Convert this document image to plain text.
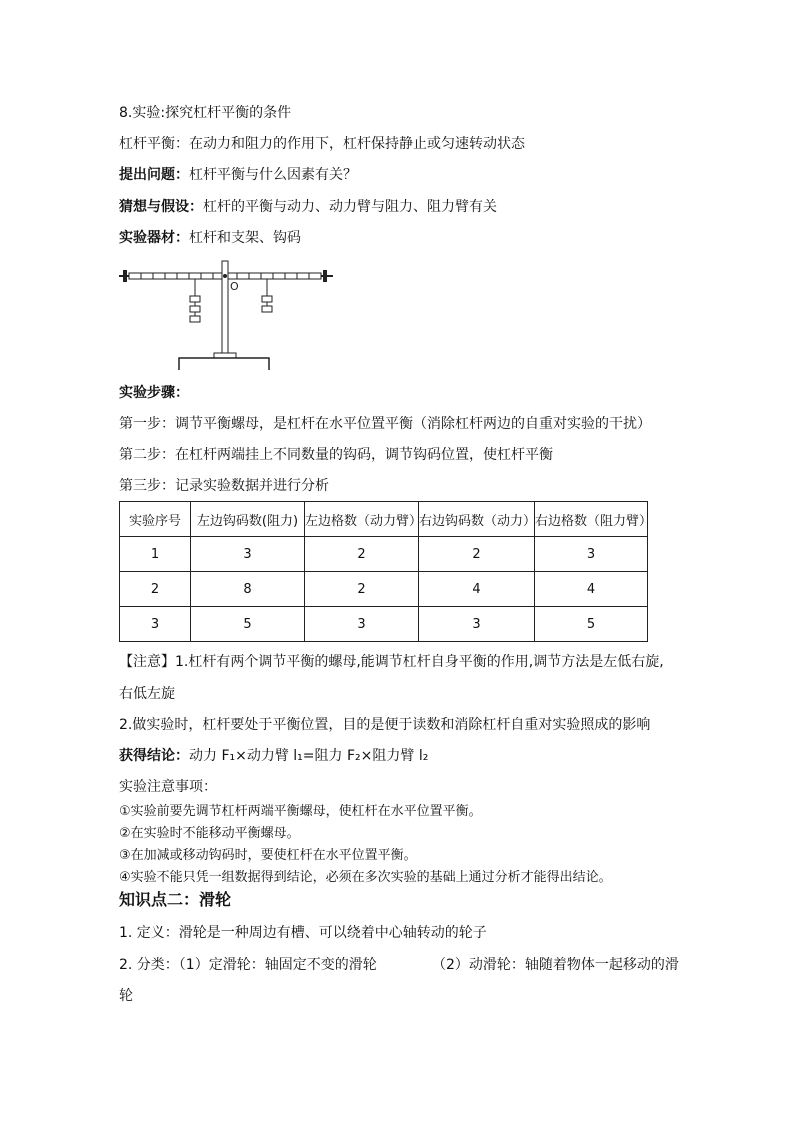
8.实验:探究杠杆平衡的条件
杠杆平衡：在动力和阻力的作用下，杠杆保持静止或匀速转动状态
提出问题：杠杆平衡与什么因素有关？
猜想与假设：杠杆的平衡与动力、动力臂与阻力、阻力臂有关
实验器材：杠杆和支架、钩码
O
实验步骤：
第一步：调节平衡螺母，是杠杆在水平位置平衡（消除杠杆两边的自重对实验的干扰）
第二步：在杠杆两端挂上不同数量的钩码，调节钩码位置，使杠杆平衡
第三步：记录实验数据并进行分析
实验序号	左边钩码数(阻力)	左边格数（动力臂）	右边钩码数（动力）	右边格数（阻力臂）
1	3	2	2	3
2	8	2	4	4
3	5	3	3	5
【注意】1.杠杆有两个调节平衡的螺母,能调节杠杆自身平衡的作用,调节方法是左低右旋,
右低左旋
2.做实验时，杠杆要处于平衡位置，目的是便于读数和消除杠杆自重对实验照成的影响
获得结论：动力 F₁×动力臂 l₁=阻力 F₂×阻力臂 l₂
实验注意事项：
①实验前要先调节杠杆两端平衡螺母，使杠杆在水平位置平衡。
②在实验时不能移动平衡螺母。
③在加减或移动钩码时，要使杠杆在水平位置平衡。
④实验不能只凭一组数据得到结论，必须在多次实验的基础上通过分析才能得出结论。
知识点二：滑轮
1. 定义：滑轮是一种周边有槽、可以绕着中心轴转动的轮子
2. 分类：（1）定滑轮：轴固定不变的滑轮	（2）动滑轮：轴随着物体一起移动的滑
轮
